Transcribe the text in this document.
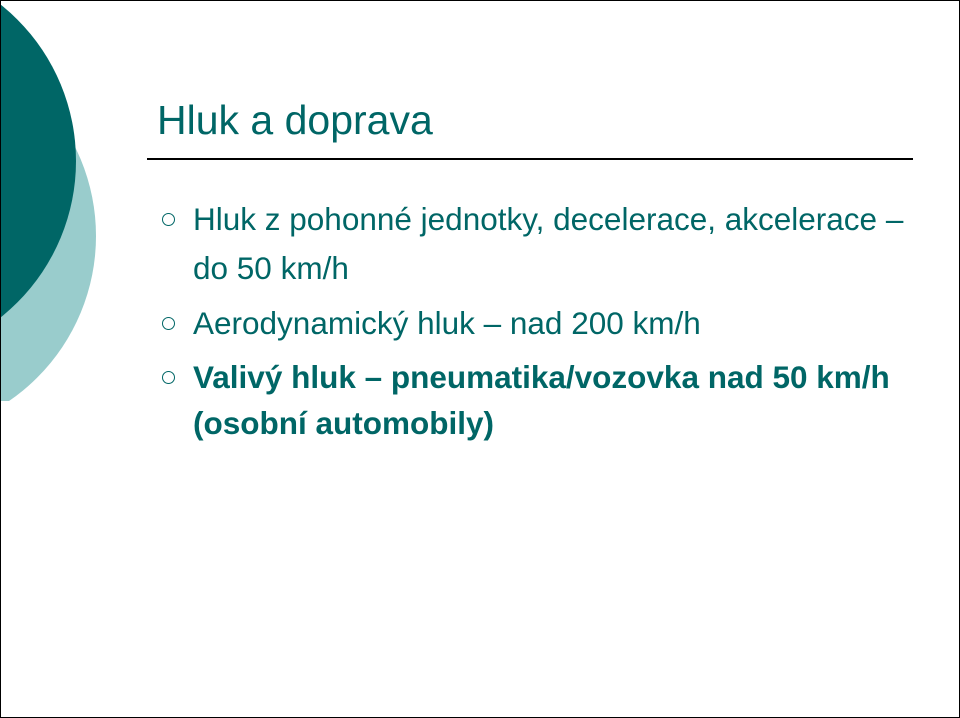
Hluk a doprava
Hluk z pohonné jednotky, decelerace, akcelerace – do 50 km/h
Aerodynamický hluk – nad 200 km/h
Valivý hluk – pneumatika/vozovka nad 50 km/h (osobní automobily)
